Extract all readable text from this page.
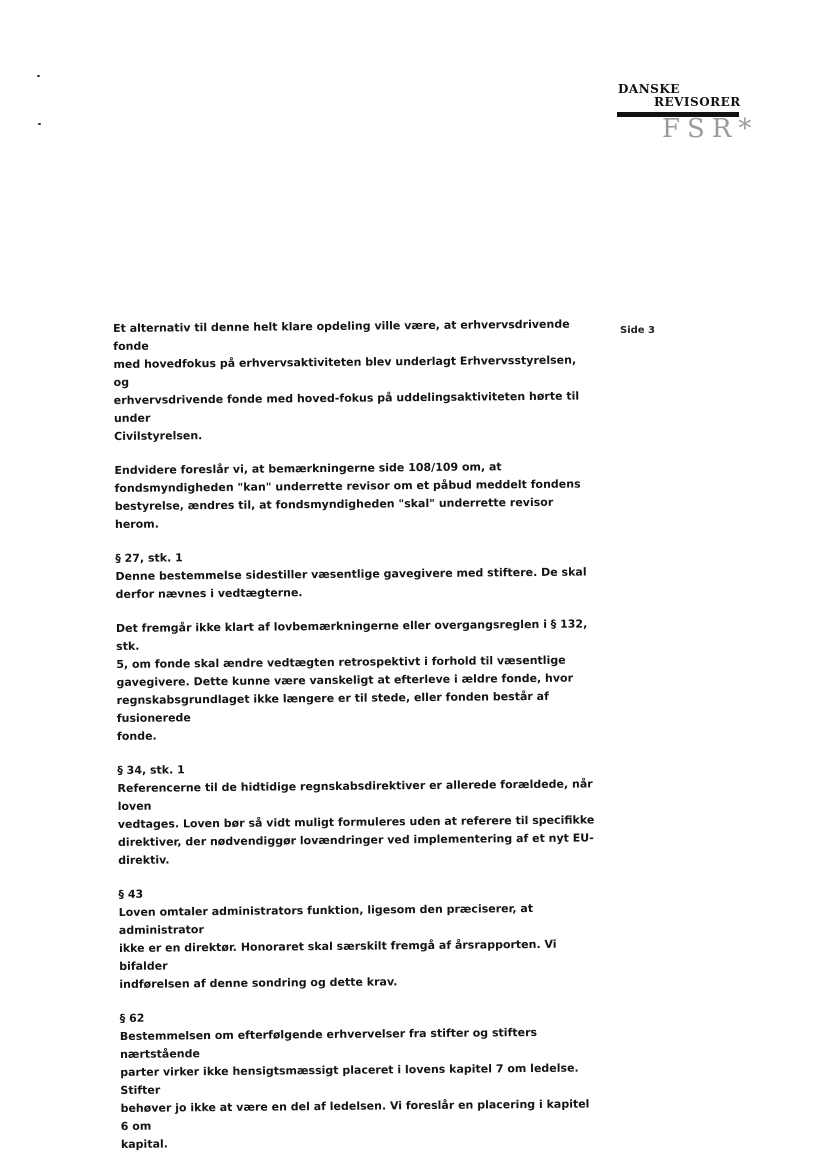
DANSKE
REVISORER
FSR*
Side 3

Et alternativ til denne helt klare opdeling ville være, at erhvervsdrivende fonde
med hovedfokus på erhvervsaktiviteten blev underlagt Erhvervsstyrelsen, og
erhvervsdrivende fonde med hoved-fokus på uddelingsaktiviteten hørte til under
Civilstyrelsen.

Endvidere foreslår vi, at bemærkningerne side 108/109 om, at
fondsmyndigheden "kan" underrette revisor om et påbud meddelt fondens
bestyrelse, ændres til, at fondsmyndigheden "skal" underrette revisor herom.

§ 27, stk. 1
Denne bestemmelse sidestiller væsentlige gavegivere med stiftere. De skal
derfor nævnes i vedtægterne.

Det fremgår ikke klart af lovbemærkningerne eller overgangsreglen i § 132, stk.
5, om fonde skal ændre vedtægten retrospektivt i forhold til væsentlige
gavegivere. Dette kunne være vanskeligt at efterleve i ældre fonde, hvor
regnskabsgrundlaget ikke længere er til stede, eller fonden består af fusionerede
fonde.

§ 34, stk. 1
Referencerne til de hidtidige regnskabsdirektiver er allerede forældede, når loven
vedtages. Loven bør så vidt muligt formuleres uden at referere til specifikke
direktiver, der nødvendiggør lovændringer ved implementering af et nyt EU-
direktiv.

§ 43
Loven omtaler administrators funktion, ligesom den præciserer, at administrator
ikke er en direktør. Honoraret skal særskilt fremgå af årsrapporten. Vi bifalder
indførelsen af denne sondring og dette krav.

§ 62
Bestemmelsen om efterfølgende erhvervelser fra stifter og stifters nærtstående
parter virker ikke hensigtsmæssigt placeret i lovens kapitel 7 om ledelse. Stifter
behøver jo ikke at være en del af ledelsen. Vi foreslår en placering i kapitel 6 om
kapital.
